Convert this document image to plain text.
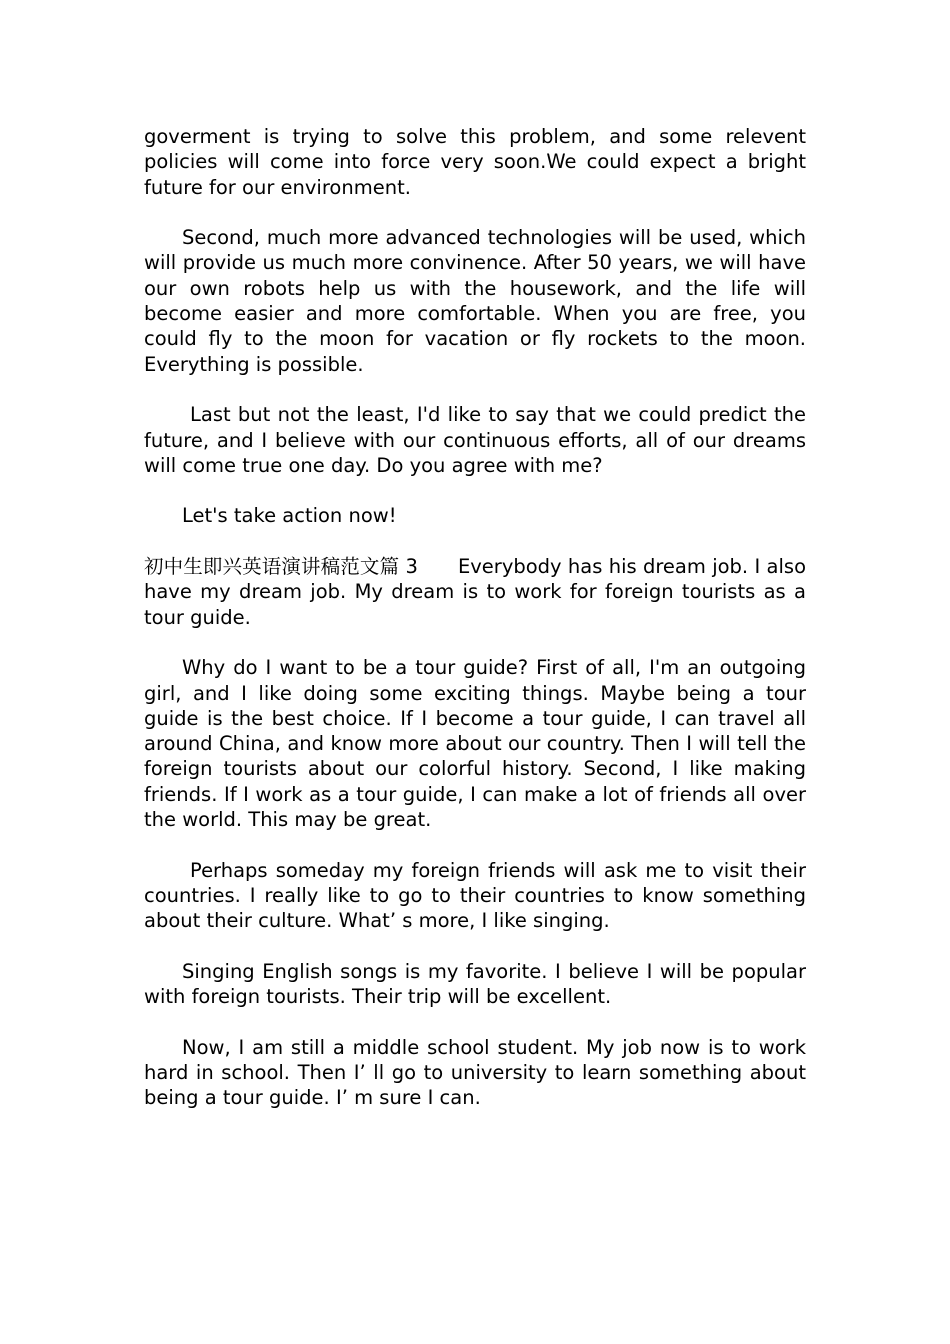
goverment is trying to solve this problem, and some relevent policies will come into force very soon.We could expect a bright future for our environment.

Second, much more advanced technologies will be used, which will provide us much more convinence. After 50 years, we will have our own robots help us with the housework, and the life will become easier and more comfortable. When you are free, you could fly to the moon for vacation or fly rockets to the moon. Everything is possible.

Last but not the least, I'd like to say that we could predict the future, and I believe with our continuous efforts, all of our dreams will come true one day. Do you agree with me?

Let's take action now!

初中生即兴英语演讲稿范文篇 3 Everybody has his dream job. I also have my dream job. My dream is to work for foreign tourists as a tour guide.

Why do I want to be a tour guide? First of all, I'm an outgoing girl, and I like doing some exciting things. Maybe being a tour guide is the best choice. If I become a tour guide, I can travel all around China, and know more about our country. Then I will tell the foreign tourists about our colorful history. Second, I like making friends. If I work as a tour guide, I can make a lot of friends all over the world. This may be great.

Perhaps someday my foreign friends will ask me to visit their countries. I really like to go to their countries to know something about their culture. What’ s more, I like singing.

Singing English songs is my favorite. I believe I will be popular with foreign tourists. Their trip will be excellent.

Now, I am still a middle school student. My job now is to work hard in school. Then I’ ll go to university to learn something about being a tour guide. I’ m sure I can.
